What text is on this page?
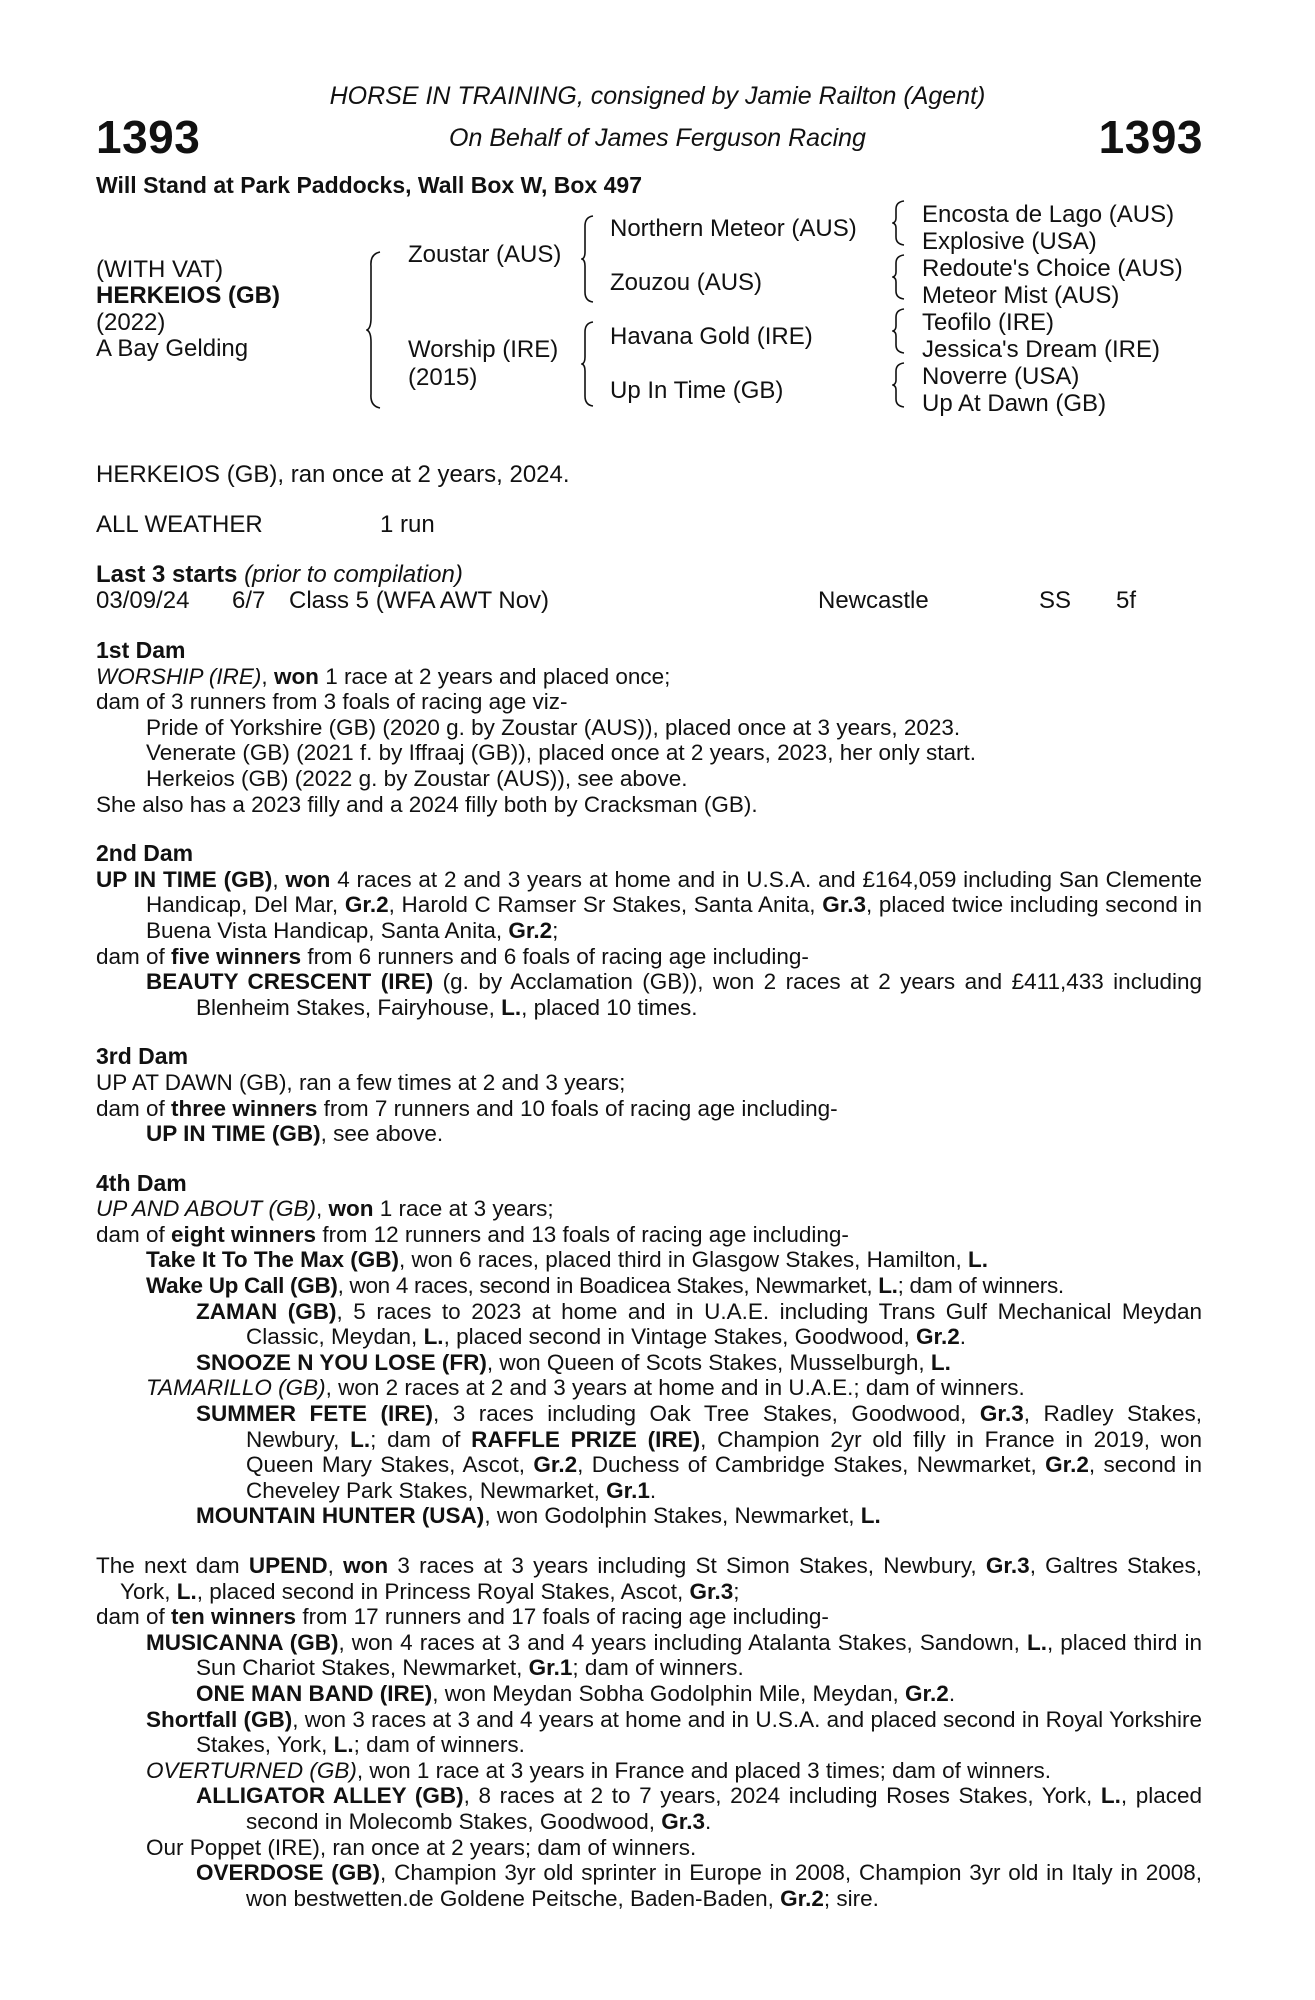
1393	1393
HORSE IN TRAINING, consigned by Jamie Railton (Agent)
On Behalf of James Ferguson Racing
Will Stand at Park Paddocks, Wall Box W, Box 497
(WITH VAT)
HERKEIOS (GB)
(2022)
A Bay Gelding
Zoustar (AUS)
Worship (IRE)
(2015)
Northern Meteor (AUS)
Zouzou (AUS)
Havana Gold (IRE)
Up In Time (GB)
Encosta de Lago (AUS)
Explosive (USA)
Redoute's Choice (AUS)
Meteor Mist (AUS)
Teofilo (IRE)
Jessica's Dream (IRE)
Noverre (USA)
Up At Dawn (GB)
HERKEIOS (GB), ran once at 2 years, 2024.
ALL WEATHER	1 run
Last 3 starts (prior to compilation)
03/09/24 6/7 Class 5 (WFA AWT Nov)	Newcastle	SS 5f

1st Dam

WORSHIP (IRE), won 1 race at 2 years and placed once;

dam of 3 runners from 3 foals of racing age viz-

Pride of Yorkshire (GB) (2020 g. by Zoustar (AUS)), placed once at 3 years, 2023.

Venerate (GB) (2021 f. by Iffraaj (GB)), placed once at 2 years, 2023, her only start.

Herkeios (GB) (2022 g. by Zoustar (AUS)), see above.

She also has a 2023 filly and a 2024 filly both by Cracksman (GB).

2nd Dam

UP IN TIME (GB), won 4 races at 2 and 3 years at home and in U.S.A. and £164,059 including San Clemente Handicap, Del Mar, Gr.2, Harold C Ramser Sr Stakes, Santa Anita, Gr.3, placed twice including second in Buena Vista Handicap, Santa Anita, Gr.2;

dam of five winners from 6 runners and 6 foals of racing age including-

BEAUTY CRESCENT (IRE) (g. by Acclamation (GB)), won 2 races at 2 years and £411,433 including Blenheim Stakes, Fairyhouse, L., placed 10 times.

3rd Dam

UP AT DAWN (GB), ran a few times at 2 and 3 years;

dam of three winners from 7 runners and 10 foals of racing age including-

UP IN TIME (GB), see above.

4th Dam

UP AND ABOUT (GB), won 1 race at 3 years;

dam of eight winners from 12 runners and 13 foals of racing age including-

Take It To The Max (GB), won 6 races, placed third in Glasgow Stakes, Hamilton, L.

Wake Up Call (GB), won 4 races, second in Boadicea Stakes, Newmarket, L.; dam of winners.

ZAMAN (GB), 5 races to 2023 at home and in U.A.E. including Trans Gulf Mechanical Meydan Classic, Meydan, L., placed second in Vintage Stakes, Goodwood, Gr.2.

SNOOZE N YOU LOSE (FR), won Queen of Scots Stakes, Musselburgh, L.

TAMARILLO (GB), won 2 races at 2 and 3 years at home and in U.A.E.; dam of winners.

SUMMER FETE (IRE), 3 races including Oak Tree Stakes, Goodwood, Gr.3, Radley Stakes, Newbury, L.; dam of RAFFLE PRIZE (IRE), Champion 2yr old filly in France in 2019, won Queen Mary Stakes, Ascot, Gr.2, Duchess of Cambridge Stakes, Newmarket, Gr.2, second in Cheveley Park Stakes, Newmarket, Gr.1.

MOUNTAIN HUNTER (USA), won Godolphin Stakes, Newmarket, L.

The next dam UPEND, won 3 races at 3 years including St Simon Stakes, Newbury, Gr.3, Galtres Stakes, York, L., placed second in Princess Royal Stakes, Ascot, Gr.3;

dam of ten winners from 17 runners and 17 foals of racing age including-

MUSICANNA (GB), won 4 races at 3 and 4 years including Atalanta Stakes, Sandown, L., placed third in Sun Chariot Stakes, Newmarket, Gr.1; dam of winners.

ONE MAN BAND (IRE), won Meydan Sobha Godolphin Mile, Meydan, Gr.2.

Shortfall (GB), won 3 races at 3 and 4 years at home and in U.S.A. and placed second in Royal Yorkshire Stakes, York, L.; dam of winners.

OVERTURNED (GB), won 1 race at 3 years in France and placed 3 times; dam of winners.

ALLIGATOR ALLEY (GB), 8 races at 2 to 7 years, 2024 including Roses Stakes, York, L., placed second in Molecomb Stakes, Goodwood, Gr.3.

Our Poppet (IRE), ran once at 2 years; dam of winners.

OVERDOSE (GB), Champion 3yr old sprinter in Europe in 2008, Champion 3yr old in Italy in 2008, won bestwetten.de Goldene Peitsche, Baden-Baden, Gr.2; sire.
